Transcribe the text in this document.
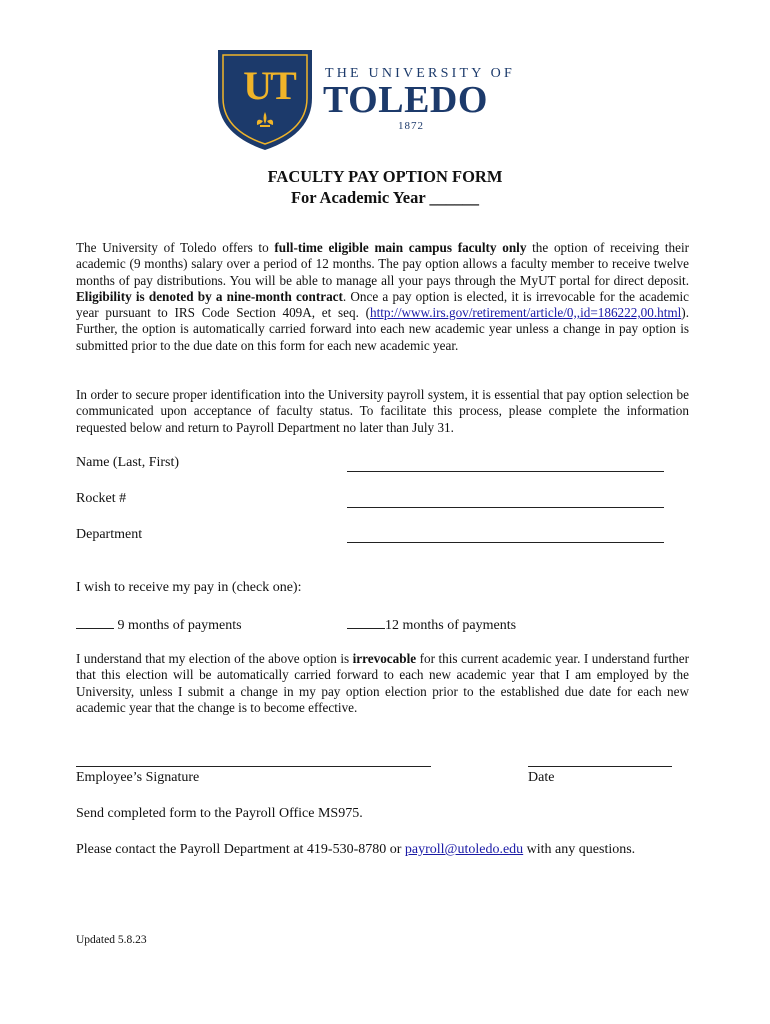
UT	THE UNIVERSITY OF
TOLEDO
1872
FACULTY PAY OPTION FORM
For Academic Year ______
The University of Toledo offers to full-time eligible main campus faculty only the option of receiving their academic (9 months) salary over a period of 12 months. The pay option allows a faculty member to receive twelve months of pay distributions. You will be able to manage all your pays through the MyUT portal for direct deposit. Eligibility is denoted by a nine-month contract. Once a pay option is elected, it is irrevocable for the academic year pursuant to IRS Code Section 409A, et seq. (http://www.irs.gov/retirement/article/0,,id=186222,00.html). Further, the option is automatically carried forward into each new academic year unless a change in pay option is submitted prior to the due date on this form for each new academic year.
In order to secure proper identification into the University payroll system, it is essential that pay option selection be communicated upon acceptance of faculty status. To facilitate this process, please complete the information requested below and return to Payroll Department no later than July 31.
Name (Last, First)
Rocket #
Department
I wish to receive my pay in (check one):
9 months of payments	12 months of payments
I understand that my election of the above option is irrevocable for this current academic year. I understand further that this election will be automatically carried forward to each new academic year that I am employed by the University, unless I submit a change in my pay option election prior to the established due date for each new academic year that the change is to become effective.
Employee’s Signature	Date
Send completed form to the Payroll Office MS975.
Please contact the Payroll Department at 419-530-8780 or payroll@utoledo.edu with any questions.
Updated 5.8.23
